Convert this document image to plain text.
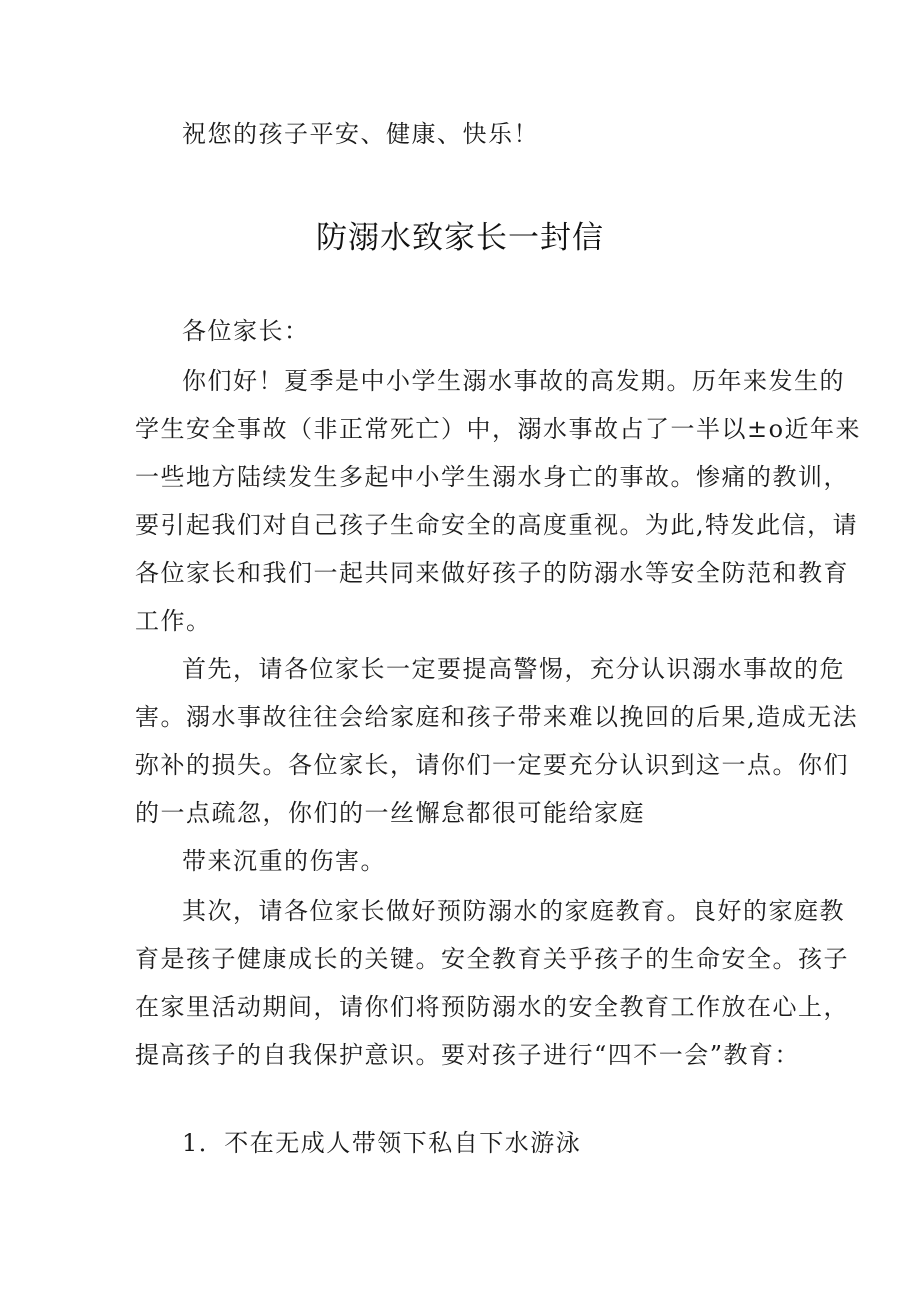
祝您的孩子平安、健康、快乐！
防溺水致家长一封信
各位家长：
你们好！夏季是中小学生溺水事故的高发期。历年来发生的
学生安全事故（非正常死亡）中，溺水事故占了一半以±o近年来
一些地方陆续发生多起中小学生溺水身亡的事故。惨痛的教训，
要引起我们对自己孩子生命安全的高度重视。为此,特发此信，请
各位家长和我们一起共同来做好孩子的防溺水等安全防范和教育
工作。
首先，请各位家长一定要提高警惕，充分认识溺水事故的危
害。溺水事故往往会给家庭和孩子带来难以挽回的后果,造成无法
弥补的损失。各位家长，请你们一定要充分认识到这一点。你们
的一点疏忽，你们的一丝懈怠都很可能给家庭
带来沉重的伤害。
其次，请各位家长做好预防溺水的家庭教育。良好的家庭教
育是孩子健康成长的关键。安全教育关乎孩子的生命安全。孩子
在家里活动期间，请你们将预防溺水的安全教育工作放在心上，
提高孩子的自我保护意识。要对孩子进行“四不一会”教育：
1．不在无成人带领下私自下水游泳
